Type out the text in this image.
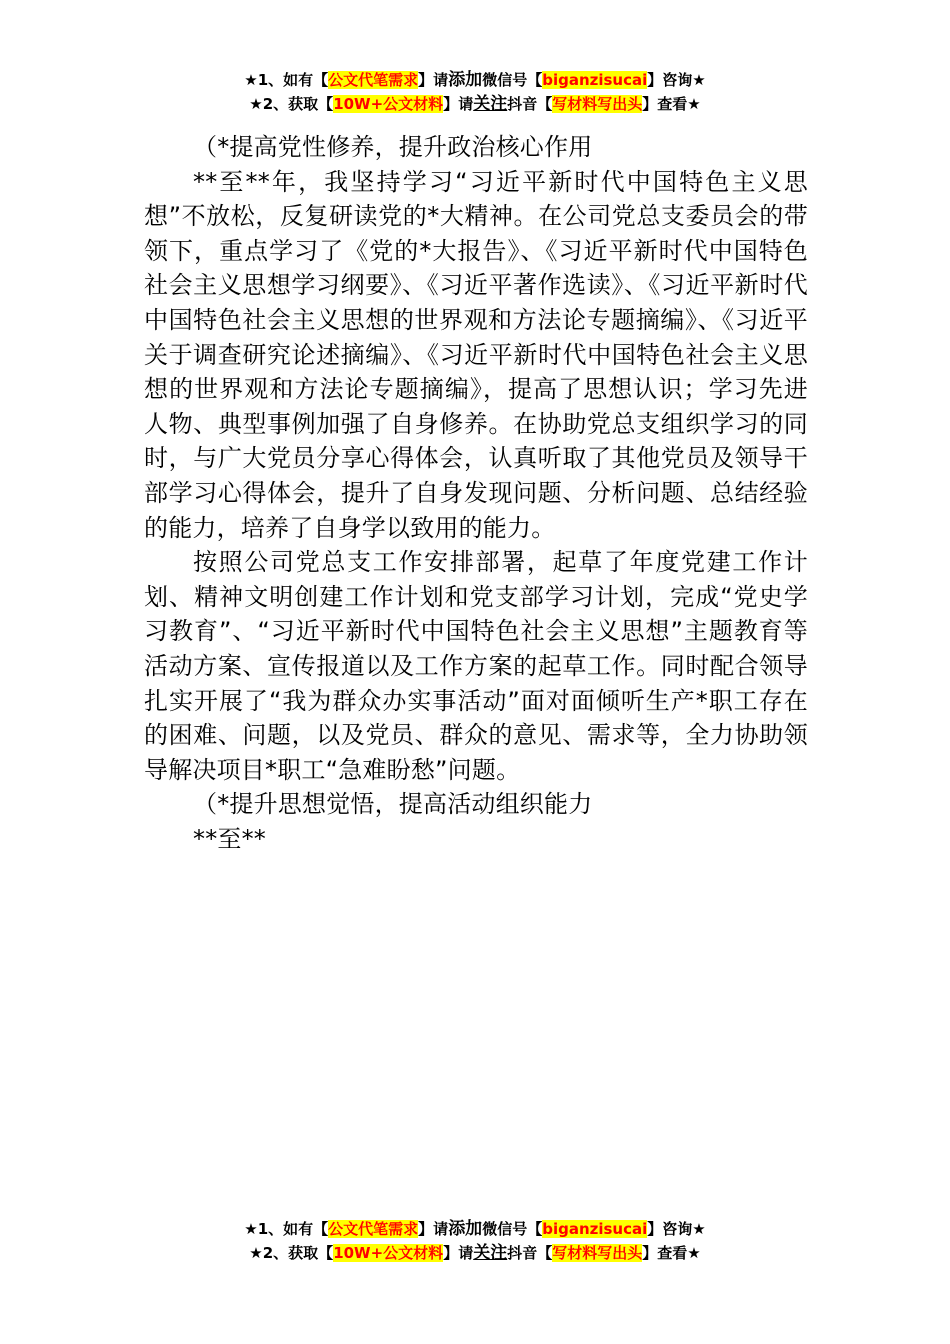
★1、如有【公文代笔需求】请添加微信号【biganzisucai】咨询★
★2、获取【10W+公文材料】请关注抖音【写材料写出头】查看★

（*提高党性修养，提升政治核心作用

**至**年，我坚持学习“习近平新时代中国特色主义思想”不放松，反复研读党的*大精神。在公司党总支委员会的带领下，重点学习了《党的*大报告》、《习近平新时代中国特色社会主义思想学习纲要》、《习近平著作选读》、《习近平新时代中国特色社会主义思想的世界观和方法论专题摘编》、《习近平关于调查研究论述摘编》、《习近平新时代中国特色社会主义思想的世界观和方法论专题摘编》，提高了思想认识；学习先进人物、典型事例加强了自身修养。在协助党总支组织学习的同时，与广大党员分享心得体会，认真听取了其他党员及领导干部学习心得体会，提升了自身发现问题、分析问题、总结经验的能力，培养了自身学以致用的能力。

按照公司党总支工作安排部署，起草了年度党建工作计划、精神文明创建工作计划和党支部学习计划，完成“党史学习教育”、“习近平新时代中国特色社会主义思想”主题教育等活动方案、宣传报道以及工作方案的起草工作。同时配合领导扎实开展了“我为群众办实事活动”面对面倾听生产*职工存在的困难、问题，以及党员、群众的意见、需求等，全力协助领导解决项目*职工“急难盼愁”问题。

（*提升思想觉悟，提高活动组织能力

**至**

★1、如有【公文代笔需求】请添加微信号【biganzisucai】咨询★
★2、获取【10W+公文材料】请关注抖音【写材料写出头】查看★
